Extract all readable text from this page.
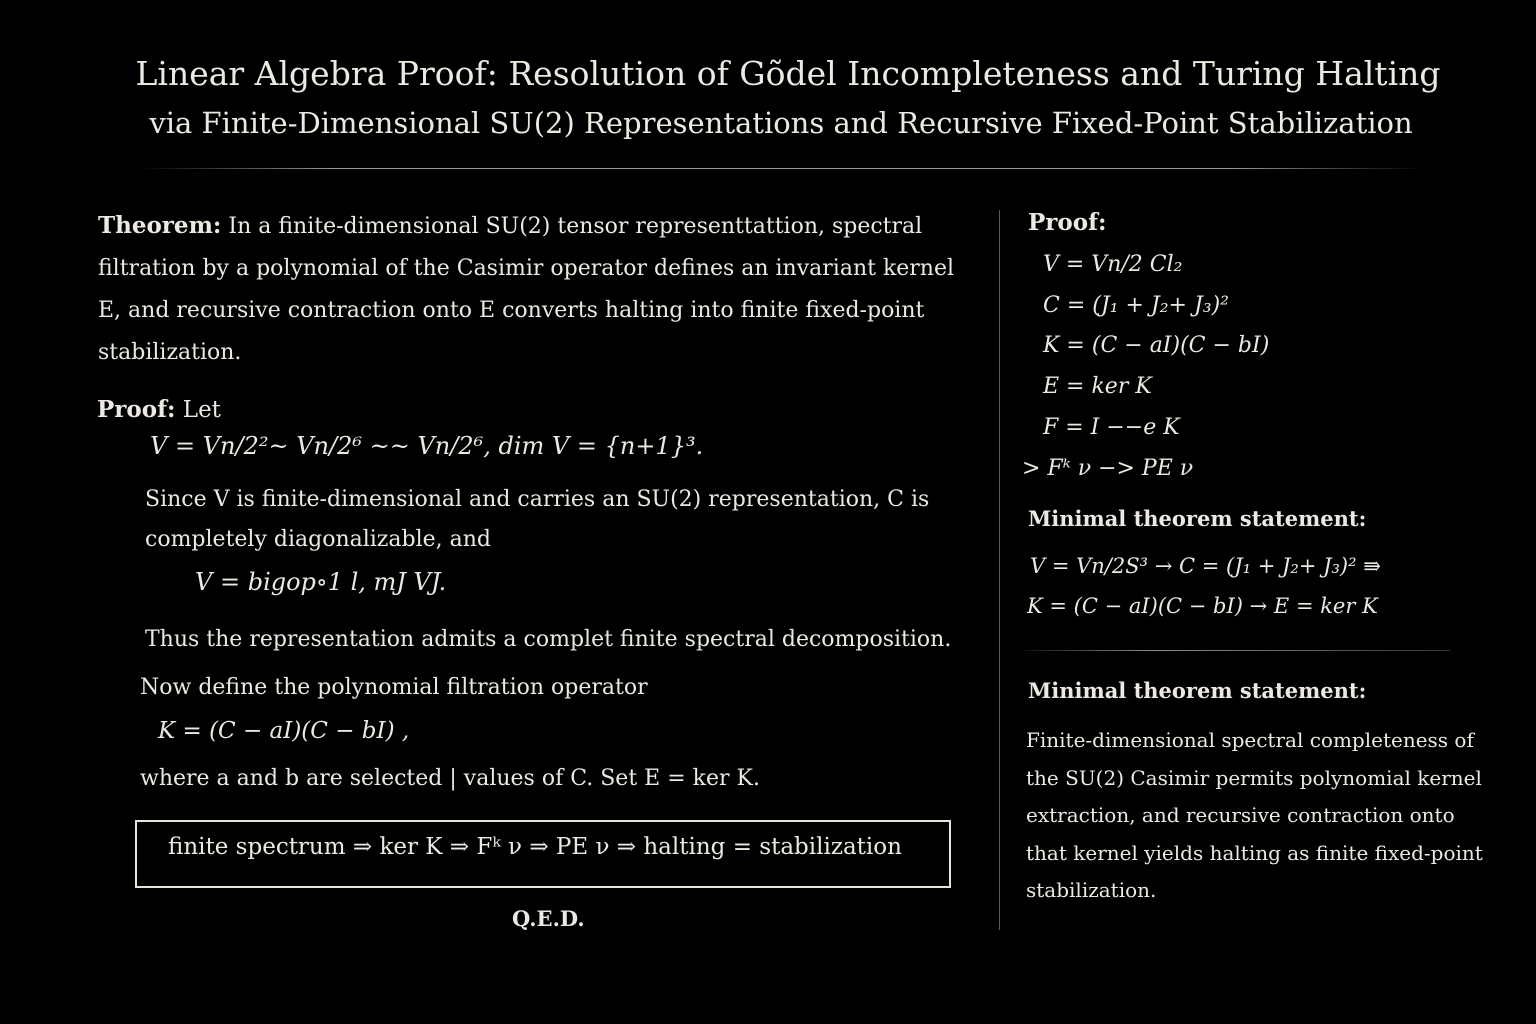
Linear Algebra Proof: Resolution of Gõdel Incompleteness and Turing Halting
via Finite-Dimensional SU(2) Representations and Recursive Fixed-Point Stabilization
Theorem: In a finite-dimensional SU(2) tensor representtattion, spectral filtration by a polynomial of the Casimir operator defines an invariant kernel E, and recursive contraction onto E converts halting into finite fixed-point stabilization.
Proof: Let
V = Vn/2²~ Vn/2⁶ ~~ Vn/2⁶, dim V = {n+1}³.
Since V is finite-dimensional and carries an SU(2) representation, C is completely diagonalizable, and
V = bigop∘1 l, mJ VJ.
Thus the representation admits a complet finite spectral decomposition.
Now define the polynomial filtration operator
K = (C − aI)(C − bI) ,
where a and b are selected | values of C. Set E = ker K.
finite spectrum ⇒ ker K ⇒ Fᵏ ν ⇒ PE ν ⇒ halting = stabilization
Q.E.D.
Proof:
V = Vn/2 Cl₂
C = (J₁ + J₂+ J₃)²
K = (C − aI)(C − bI)
E = ker K
F = I −−e K
> Fᵏ ν −> PE ν
Minimal theorem statement:
V = Vn/2S³ → C = (J₁ + J₂+ J₃)² ⇛
K = (C − aI)(C − bI) → E = ker K
Minimal theorem statement:
Finite-dimensional spectral completeness of the SU(2) Casimir permits polynomial kernel extraction, and recursive contraction onto that kernel yields halting as finite fixed-point stabilization.
